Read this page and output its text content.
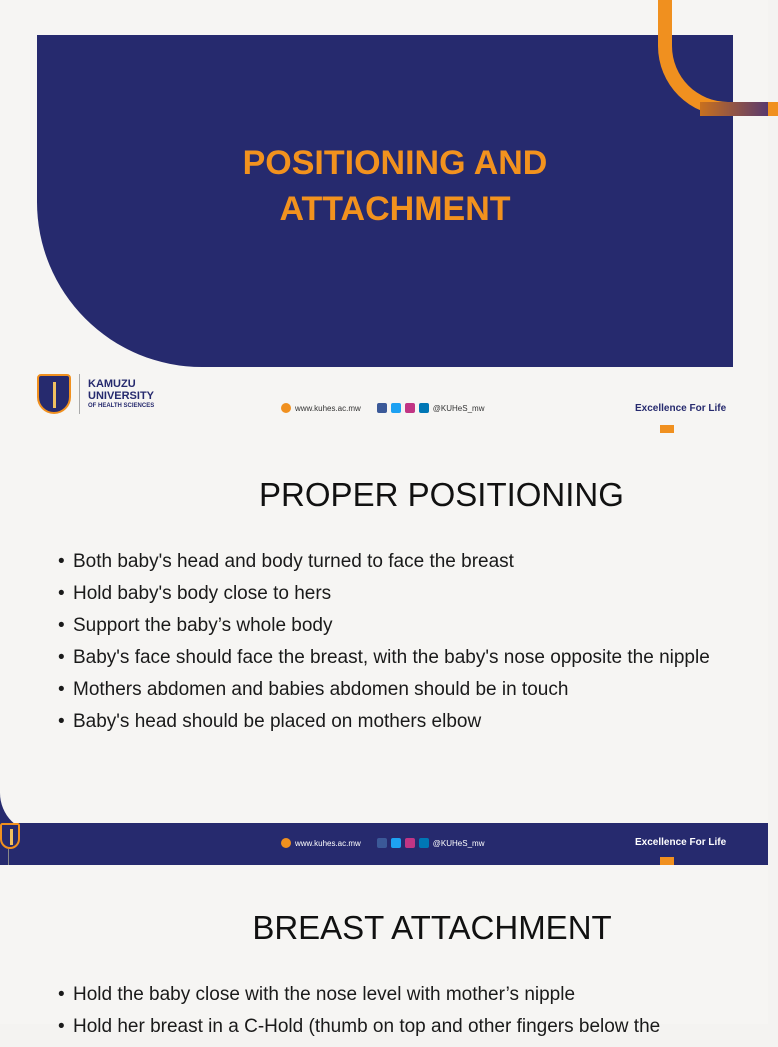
POSITIONING AND
ATTACHMENT
KAMUZU
UNIVERSITY
OF HEALTH SCIENCES	www.kuhes.ac.mw	@KUHeS_mw	Excellence For Life
PROPER POSITIONING
• Both baby's head and body turned to face the breast
• Hold baby's body close to hers
• Support the baby’s whole body
• Baby's face should face the breast, with the baby's nose opposite the nipple
• Mothers abdomen and babies abdomen should be in touch
• Baby's head should be placed on mothers elbow
www.kuhes.ac.mw	@KUHeS_mw	Excellence For Life
BREAST ATTACHMENT
• Hold the baby close with the nose level with mother’s nipple
• Hold her breast in a C-Hold (thumb on top and other fingers below the
